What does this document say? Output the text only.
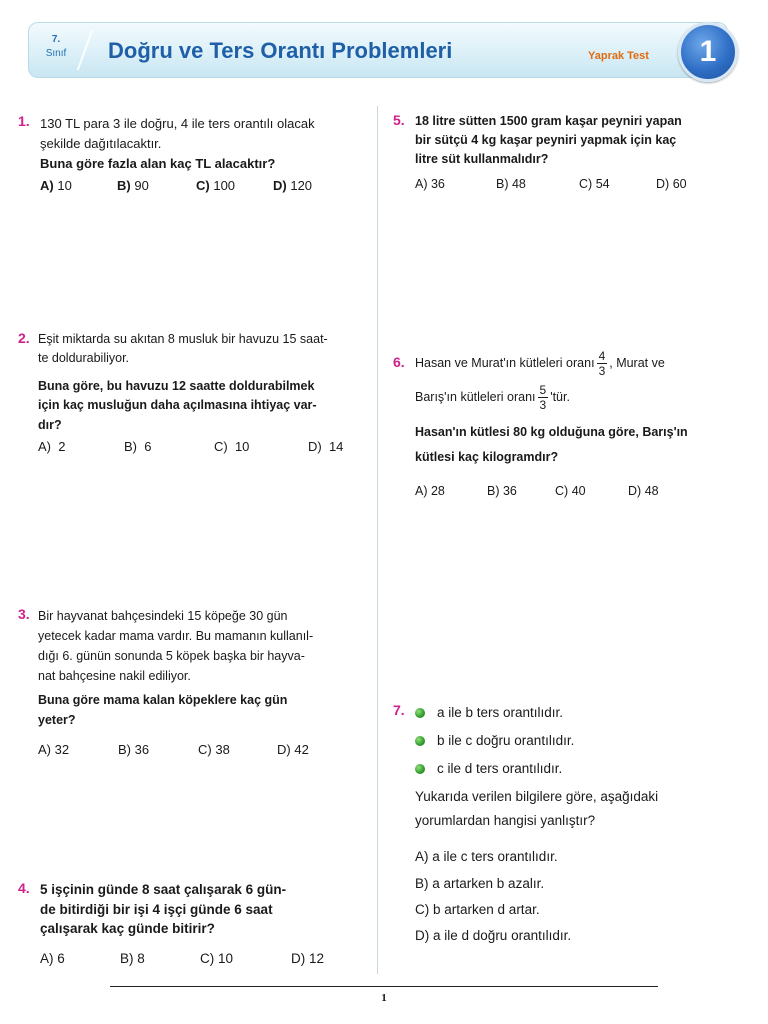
7.
Sınıf	Doğru ve Ters Orantı Problemleri	Yaprak Test	1
1. 130 TL para 3 ile doğru, 4 ile ters orantılı olacak

şekilde dağıtılacaktır.

Buna göre fazla alan kaç TL alacaktır?

A) 10	B) 90	C) 100	D) 120
2. Eşit miktarda su akıtan 8 musluk bir havuzu 15 saat-

te doldurabiliyor.

Buna göre, bu havuzu 12 saatte doldurabilmek

için kaç musluğun daha açılmasına ihtiyaç var-

dır?

A) 2	B) 6	C) 10	D) 14
3. Bir hayvanat bahçesindeki 15 köpeğe 30 gün

yetecek kadar mama vardır. Bu mamanın kullanıl-

dığı 6. günün sonunda 5 köpek başka bir hayva-

nat bahçesine nakil ediliyor.

Buna göre mama kalan köpeklere kaç gün

yeter?

A) 32	B) 36	C) 38	D) 42
4. 5 işçinin günde 8 saat çalışarak 6 gün-

de bitirdiği bir işi 4 işçi günde 6 saat

çalışarak kaç günde bitirir?

A) 6	B) 8	C) 10	D) 12
5. 18 litre sütten 1500 gram kaşar peyniri yapan

bir sütçü 4 kg kaşar peyniri yapmak için kaç

litre süt kullanmalıdır?

A) 36	B) 48	C) 54	D) 60
6. Hasan ve Murat'ın kütleleri oranı $\frac{4}{3}$ , Murat ve
Barış'ın kütleleri oranı $\frac{5}{3}$ 'tür.

Hasan'ın kütlesi 80 kg olduğuna göre, Barış'ın

kütlesi kaç kilogramdır?

A) 28	B) 36	C) 40	D) 48
7. a ile b ters orantılıdır.
b ile c doğru orantılıdır.
c ile d ters orantılıdır.

Yukarıda verilen bilgilere göre, aşağıdaki

yorumlardan hangisi yanlıştır?

A) a ile c ters orantılıdır.

B) a artarken b azalır.

C) b artarken d artar.

D) a ile d doğru orantılıdır.

1
